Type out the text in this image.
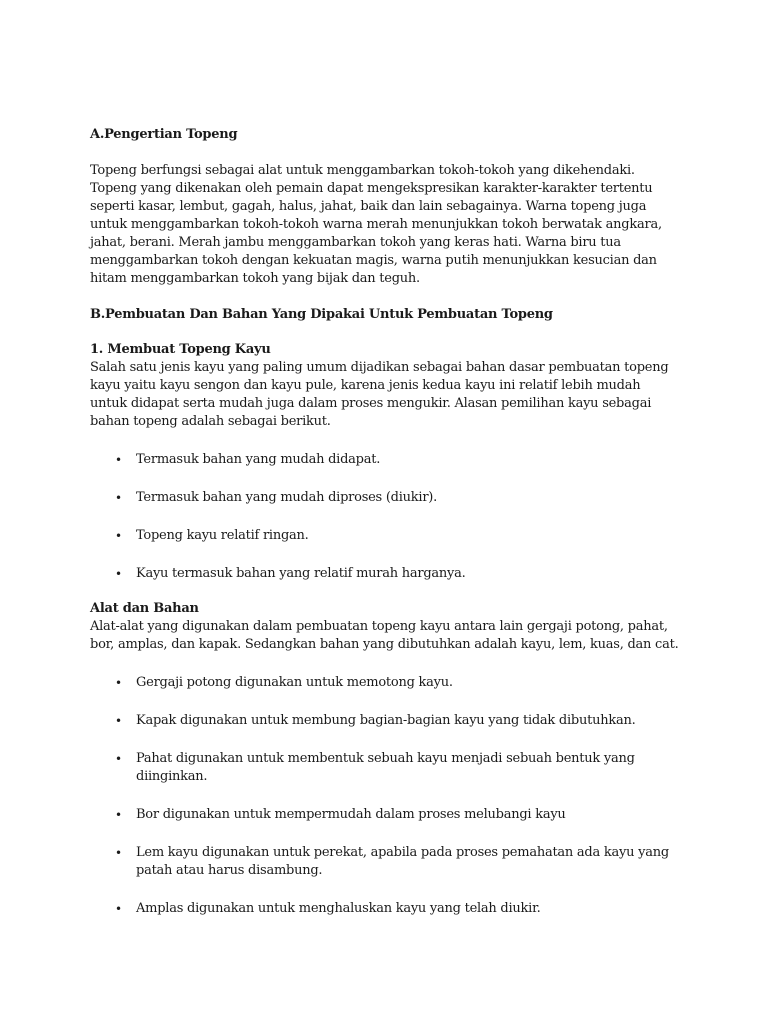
A.Pengertian Topeng

Topeng berfungsi sebagai alat untuk menggambarkan tokoh-tokoh yang dikehendaki. Topeng yang dikenakan oleh pemain dapat mengekspresikan karakter-karakter tertentu seperti kasar, lembut, gagah, halus, jahat, baik dan lain sebagainya. Warna topeng juga untuk menggambarkan tokoh-tokoh warna merah menunjukkan tokoh berwatak angkara, jahat, berani. Merah jambu menggambarkan tokoh yang keras hati. Warna biru tua menggambarkan tokoh dengan kekuatan magis, warna putih menunjukkan kesucian dan hitam menggambarkan tokoh yang bijak dan teguh.

B.Pembuatan Dan Bahan Yang Dipakai Untuk Pembuatan Topeng

1. Membuat Topeng Kayu

Salah satu jenis kayu yang paling umum dijadikan sebagai bahan dasar pembuatan topeng kayu yaitu kayu sengon dan kayu pule, karena jenis kedua kayu ini relatif lebih mudah untuk didapat serta mudah juga dalam proses mengukir. Alasan pemilihan kayu sebagai bahan topeng adalah sebagai berikut.

• Termasuk bahan yang mudah didapat.
• Termasuk bahan yang mudah diproses (diukir).
• Topeng kayu relatif ringan.
• Kayu termasuk bahan yang relatif murah harganya.

Alat dan Bahan

Alat-alat yang digunakan dalam pembuatan topeng kayu antara lain gergaji potong, pahat, bor, amplas, dan kapak. Sedangkan bahan yang dibutuhkan adalah kayu, lem, kuas, dan cat.

• Gergaji potong digunakan untuk memotong kayu.
• Kapak digunakan untuk membung bagian-bagian kayu yang tidak dibutuhkan.
• Pahat digunakan untuk membentuk sebuah kayu menjadi sebuah bentuk yang diinginkan.
• Bor digunakan untuk mempermudah dalam proses melubangi kayu
• Lem kayu digunakan untuk perekat, apabila pada proses pemahatan ada kayu yang patah atau harus disambung.
• Amplas digunakan untuk menghaluskan kayu yang telah diukir.
